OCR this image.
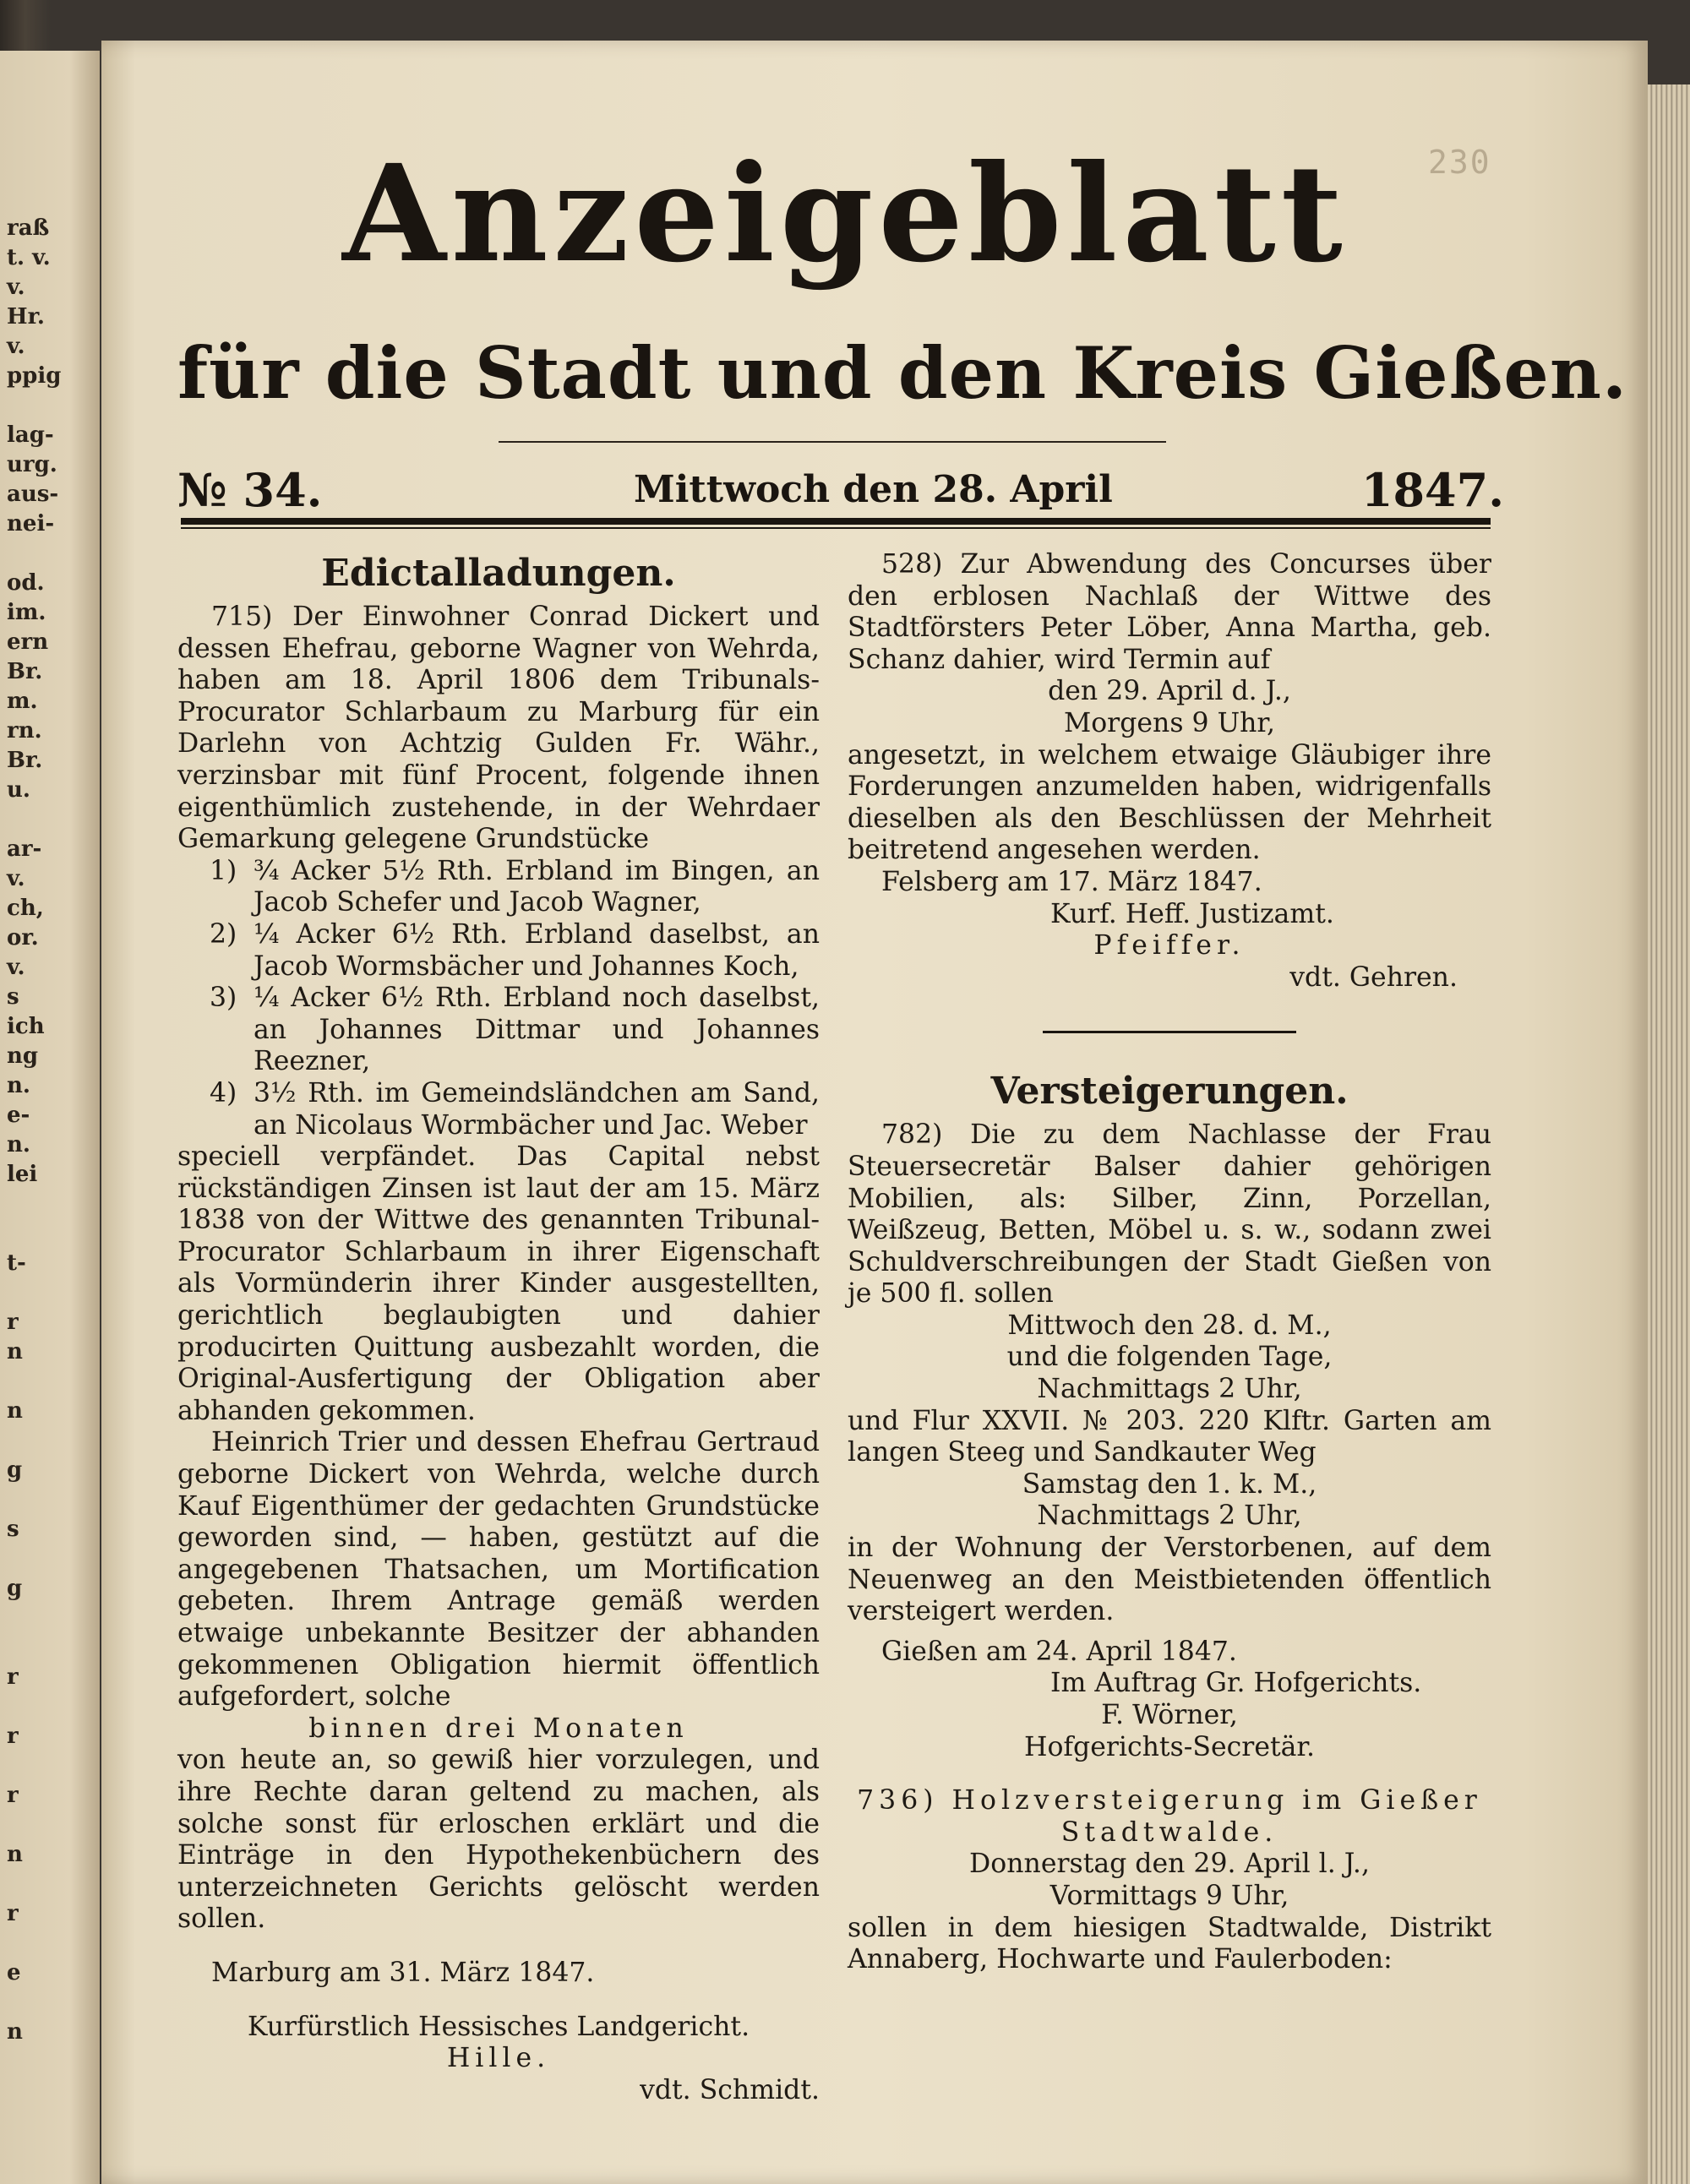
raß
t. v.
v.
Hr.
v.
ppig
lag-
urg.
aus-
nei-
od.
im.
ern
Br.
m.
rn.
Br.
u.
ar-
v.
ch,
or.
v.
s
ich
ng
n.
e-
n.
lei
t-
r
n
n
g
s
g
r
r
r
n
r
e
n
230
Anzeigeblatt
für die Stadt und den Kreis Gießen.
№ 34.	Mittwoch den 28. April	1847.
Edictalladungen.

715) Der Einwohner Conrad Dickert und dessen Ehefrau, geborne Wagner von Wehrda, haben am 18. April 1806 dem Tribunals-Procurator Schlarbaum zu Marburg für ein Darlehn von Achtzig Gulden Fr. Währ., verzinsbar mit fünf Procent, folgende ihnen eigenthümlich zustehende, in der Wehrdaer Gemarkung gelegene Grundstücke

1) ¾ Acker 5½ Rth. Erbland im Bingen, an Jacob Schefer und Jacob Wagner,
2) ¼ Acker 6½ Rth. Erbland daselbst, an Jacob Wormsbächer und Johannes Koch,
3) ¼ Acker 6½ Rth. Erbland noch daselbst, an Johannes Dittmar und Johannes Reezner,
4) 3½ Rth. im Gemeindsländchen am Sand, an Nicolaus Wormbächer und Jac. Weber

speciell verpfändet. Das Capital nebst rückständigen Zinsen ist laut der am 15. März 1838 von der Wittwe des genannten Tribunal-Procurator Schlarbaum in ihrer Eigenschaft als Vormünderin ihrer Kinder ausgestellten, gerichtlich beglaubigten und dahier producirten Quittung ausbezahlt worden, die Original-Ausfertigung der Obligation aber abhanden gekommen.

Heinrich Trier und dessen Ehefrau Gertraud geborne Dickert von Wehrda, welche durch Kauf Eigenthümer der gedachten Grundstücke geworden sind, — haben, gestützt auf die angegebenen Thatsachen, um Mortification gebeten. Ihrem Antrage gemäß werden etwaige unbekannte Besitzer der abhanden gekommenen Obligation hiermit öffentlich aufgefordert, solche

binnen drei Monaten

von heute an, so gewiß hier vorzulegen, und ihre Rechte daran geltend zu machen, als solche sonst für erloschen erklärt und die Einträge in den Hypothekenbüchern des unterzeichneten Gerichts gelöscht werden sollen.

Marburg am 31. März 1847.

Kurfürstlich Hessisches Landgericht.

Hille.

vdt. Schmidt.

528) Zur Abwendung des Concurses über den erblosen Nachlaß der Wittwe des Stadtförsters Peter Löber, Anna Martha, geb. Schanz dahier, wird Termin auf

den 29. April d. J.,

Morgens 9 Uhr,

angesetzt, in welchem etwaige Gläubiger ihre Forderungen anzumelden haben, widrigenfalls dieselben als den Beschlüssen der Mehrheit beitretend angesehen werden.

Felsberg am 17. März 1847.

Kurf. Heff. Justizamt.

Pfeiffer.

vdt. Gehren.

Versteigerungen.

782) Die zu dem Nachlasse der Frau Steuersecretär Balser dahier gehörigen Mobilien, als: Silber, Zinn, Porzellan, Weißzeug, Betten, Möbel u. s. w., sodann zwei Schuldverschreibungen der Stadt Gießen von je 500 fl. sollen

Mittwoch den 28. d. M.,

und die folgenden Tage,

Nachmittags 2 Uhr,

und Flur XXVII. № 203. 220 Klftr. Garten am langen Steeg und Sandkauter Weg

Samstag den 1. k. M.,

Nachmittags 2 Uhr,

in der Wohnung der Verstorbenen, auf dem Neuenweg an den Meistbietenden öffentlich versteigert werden.

Gießen am 24. April 1847.

Im Auftrag Gr. Hofgerichts.

F. Wörner,

Hofgerichts-Secretär.

736) Holzversteigerung im Gießer Stadtwalde.

Donnerstag den 29. April l. J.,

Vormittags 9 Uhr,

sollen in dem hiesigen Stadtwalde, Distrikt Annaberg, Hochwarte und Faulerboden:
